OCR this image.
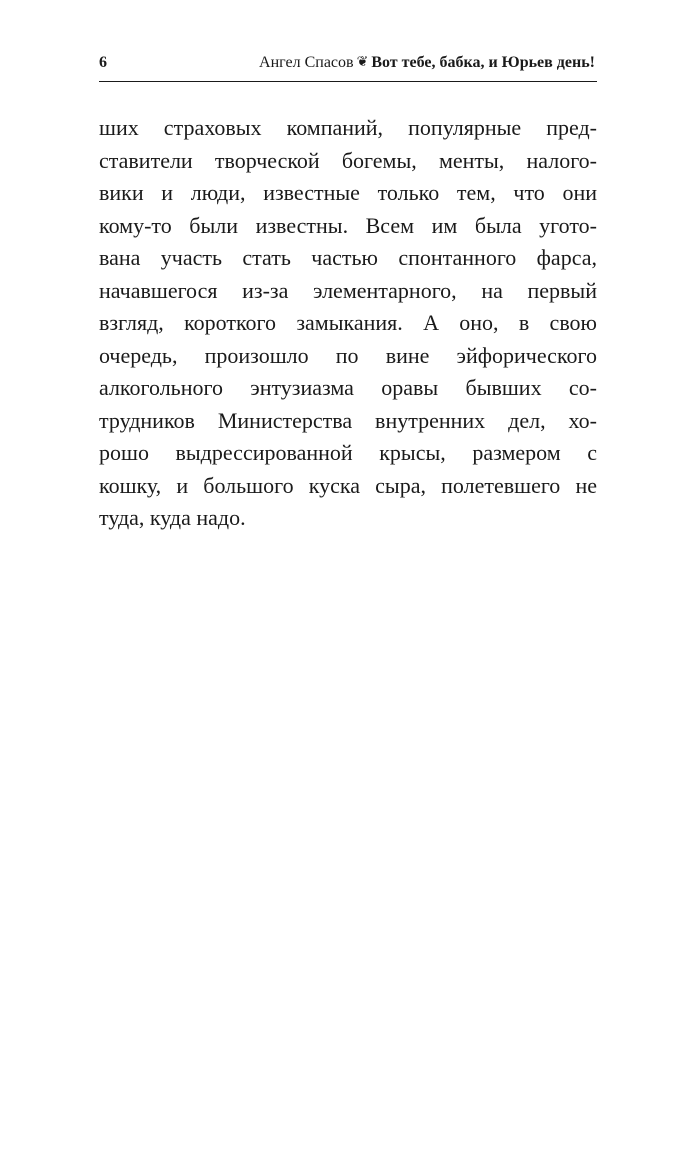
6	Ангел Спасов ❦ Вот тебе, бабка, и Юрьев день!
ших страховых компаний, популярные пред-
ставители творческой богемы, менты, налого-
вики и люди, известные только тем, что они
кому-то были известны. Всем им была угото-
вана участь стать частью спонтанного фарса,
начавшегося из-за элементарного, на первый
взгляд, короткого замыкания. А оно, в свою
очередь, произошло по вине эйфорического
алкогольного энтузиазма оравы бывших со-
трудников Министерства внутренних дел, хо-
рошо выдрессированной крысы, размером с
кошку, и большого куска сыра, полетевшего не
туда, куда надо.
